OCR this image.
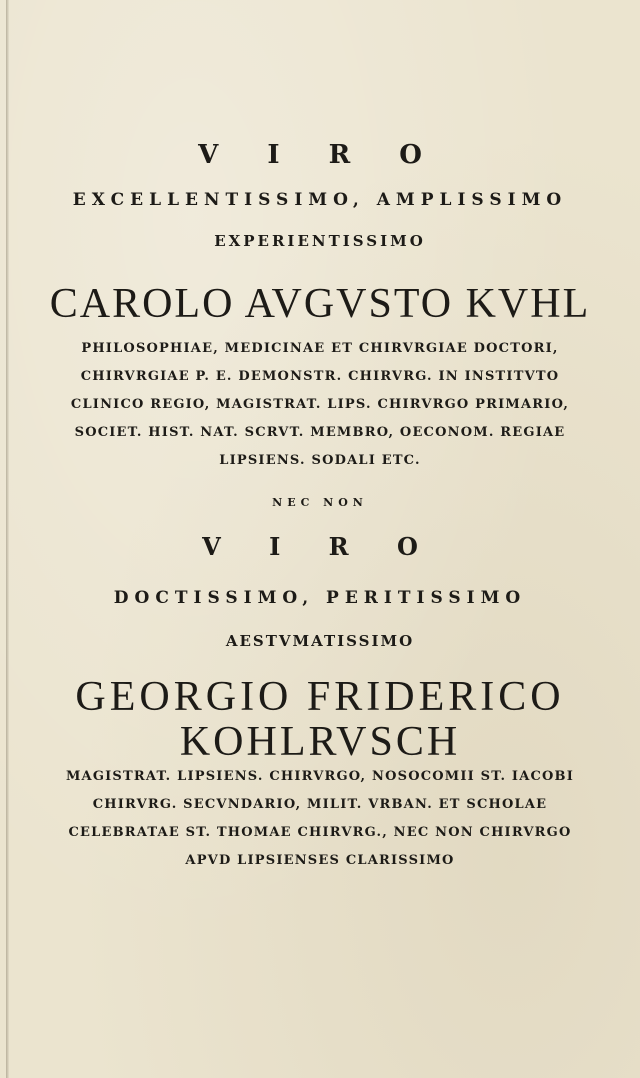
V I R O
EXCELLENTISSIMO, AMPLISSIMO
EXPERIENTISSIMO
CAROLO AVGVSTO KVHL
PHILOSOPHIAE, MEDICINAE ET CHIRVRGIAE DOCTORI,
CHIRVRGIAE P. E. DEMONSTR. CHIRVRG. IN INSTITVTO
CLINICO REGIO, MAGISTRAT. LIPS. CHIRVRGO PRIMARIO,
SOCIET. HIST. NAT. SCRVT. MEMBRO, OECONOM. REGIAE
LIPSIENS. SODALI ETC.
NEC NON
V I R O
DOCTISSIMO, PERITISSIMO
AESTVMATISSIMO
GEORGIO FRIDERICO
KOHLRVSCH
MAGISTRAT. LIPSIENS. CHIRVRGO, NOSOCOMII ST. IACOBI
CHIRVRG. SECVNDARIO, MILIT. VRBAN. ET SCHOLAE
CELEBRATAE ST. THOMAE CHIRVRG., NEC NON CHIRVRGO
APVD LIPSIENSES CLARISSIMO
